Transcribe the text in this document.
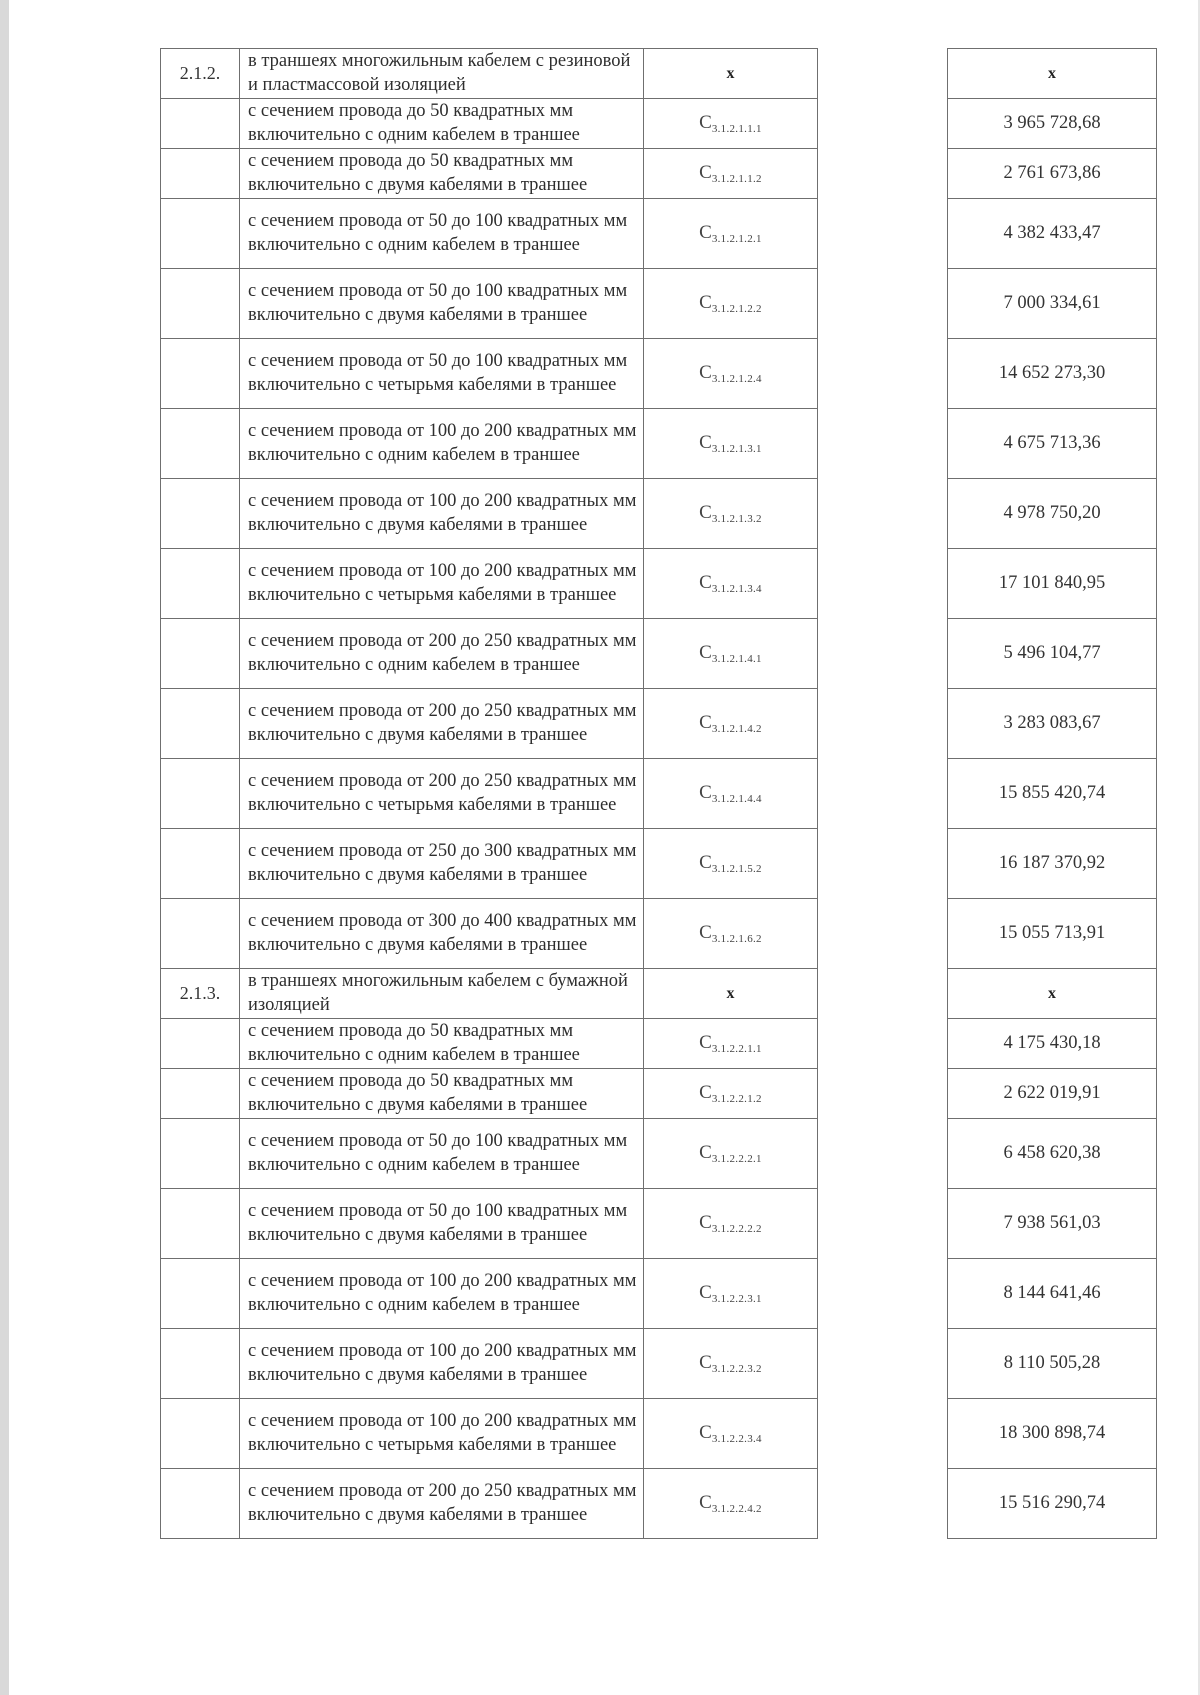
2.1.2.	в траншеях многожильным кабелем с резиновой и пластмассовой изоляцией	x		x
	с сечением провода до 50 квадратных мм включительно с одним кабелем в траншее	$С_{3.1.2.1.1.1}$		3 965 728,68
	с сечением провода до 50 квадратных мм включительно с двумя кабелями в траншее	$С_{3.1.2.1.1.2}$		2 761 673,86
	с сечением провода от 50 до 100 квадратных мм включительно с одним кабелем в траншее	$С_{3.1.2.1.2.1}$		4 382 433,47
	с сечением провода от 50 до 100 квадратных мм включительно с двумя кабелями в траншее	$С_{3.1.2.1.2.2}$		7 000 334,61
	с сечением провода от 50 до 100 квадратных мм включительно с четырьмя кабелями в траншее	$С_{3.1.2.1.2.4}$		14 652 273,30
	с сечением провода от 100 до 200 квадратных мм включительно с одним кабелем в траншее	$С_{3.1.2.1.3.1}$		4 675 713,36
	с сечением провода от 100 до 200 квадратных мм включительно с двумя кабелями в траншее	$С_{3.1.2.1.3.2}$		4 978 750,20
	с сечением провода от 100 до 200 квадратных мм включительно с четырьмя кабелями в траншее	$С_{3.1.2.1.3.4}$		17 101 840,95
	с сечением провода от 200 до 250 квадратных мм включительно с одним кабелем в траншее	$С_{3.1.2.1.4.1}$		5 496 104,77
	с сечением провода от 200 до 250 квадратных мм включительно с двумя кабелями в траншее	$С_{3.1.2.1.4.2}$		3 283 083,67
	с сечением провода от 200 до 250 квадратных мм включительно с четырьмя кабелями в траншее	$С_{3.1.2.1.4.4}$		15 855 420,74
	с сечением провода от 250 до 300 квадратных мм включительно с двумя кабелями в траншее	$С_{3.1.2.1.5.2}$		16 187 370,92
	с сечением провода от 300 до 400 квадратных мм включительно с двумя кабелями в траншее	$С_{3.1.2.1.6.2}$		15 055 713,91
2.1.3.	в траншеях многожильным кабелем с бумажной изоляцией	x		x
	с сечением провода до 50 квадратных мм включительно с одним кабелем в траншее	$С_{3.1.2.2.1.1}$		4 175 430,18
	с сечением провода до 50 квадратных мм включительно с двумя кабелями в траншее	$С_{3.1.2.2.1.2}$		2 622 019,91
	с сечением провода от 50 до 100 квадратных мм включительно с одним кабелем в траншее	$С_{3.1.2.2.2.1}$		6 458 620,38
	с сечением провода от 50 до 100 квадратных мм включительно с двумя кабелями в траншее	$С_{3.1.2.2.2.2}$		7 938 561,03
	с сечением провода от 100 до 200 квадратных мм включительно с одним кабелем в траншее	$С_{3.1.2.2.3.1}$		8 144 641,46
	с сечением провода от 100 до 200 квадратных мм включительно с двумя кабелями в траншее	$С_{3.1.2.2.3.2}$		8 110 505,28
	с сечением провода от 100 до 200 квадратных мм включительно с четырьмя кабелями в траншее	$С_{3.1.2.2.3.4}$		18 300 898,74
	с сечением провода от 200 до 250 квадратных мм включительно с двумя кабелями в траншее	$С_{3.1.2.2.4.2}$		15 516 290,74
